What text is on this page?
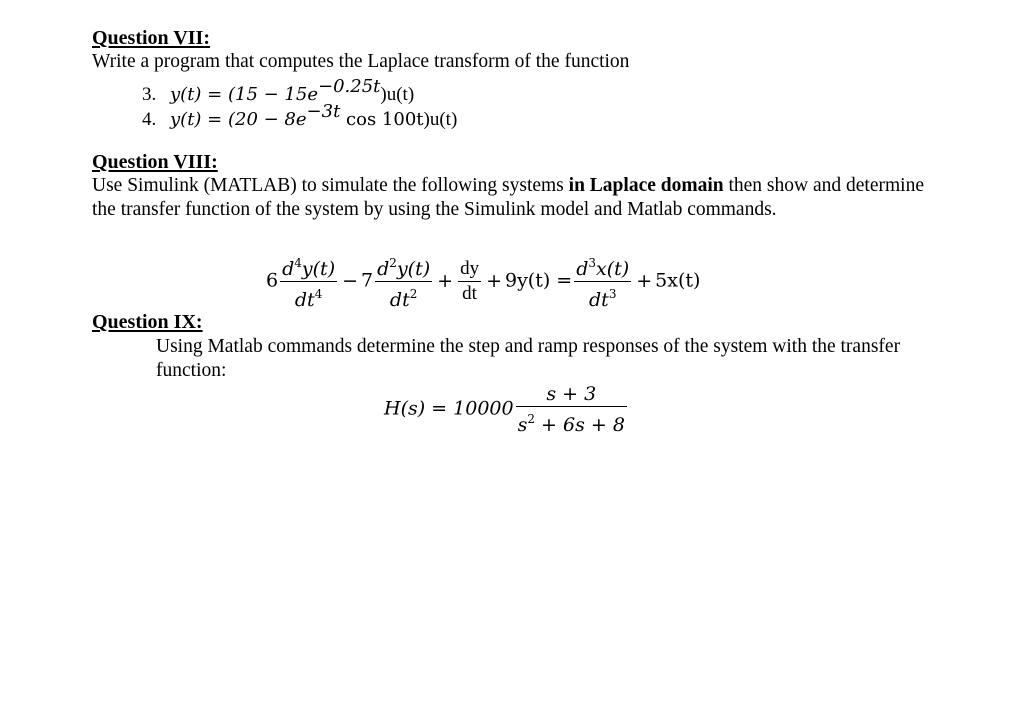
Question VII:
Write a program that computes the Laplace transform of the function
3. $y(t) = (15 - 15e^{-0.25t})u(t)$
4. $y(t) = (20 - 8e^{-3t}$ cos 100t)u(t)
Question VIII:
Use Simulink (MATLAB) to simulate the following systems in Laplace domain then show and determine the transfer function of the system by using the Simulink model and Matlab commands.
$6 \frac{d^4y(t)}{dt^4} - 7 \frac{d^2y(t)}{dt^2} + \frac{dy}{dt} + 9y(t) = \frac{d^3x(t)}{dt^3} + 5x(t)$
Question IX:
Using Matlab commands determine the step and ramp responses of the system with the transfer function:
$H(s) = 10000 \frac{s + 3}{s^2 + 6s + 8}$
